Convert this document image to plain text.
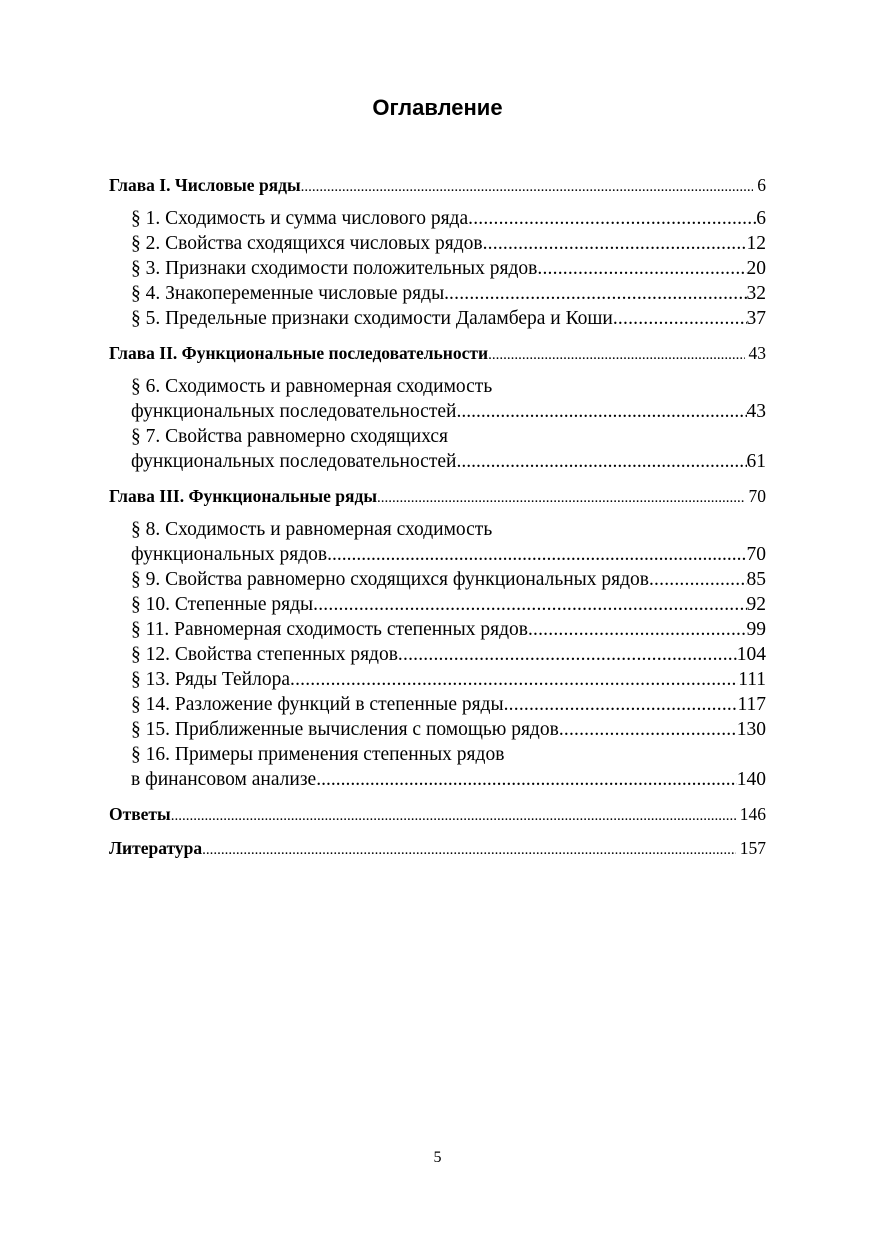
Оглавление
Глава I. Числовые ряды .....	6
§ 1. Сходимость и сумма числового ряда .....	6
§ 2. Свойства сходящихся числовых рядов .....	12
§ 3. Признаки сходимости положительных рядов .....	20
§ 4. Знакопеременные числовые ряды. .....	32
§ 5. Предельные признаки сходимости Даламбера и Коши .....	37
Глава II. Функциональные последовательности .....	43
§ 6. Сходимость и равномерная сходимость
функциональных последовательностей .....	43
§ 7. Свойства равномерно сходящихся
функциональных последовательностей .....	61
Глава III. Функциональные ряды .....	70
§ 8. Сходимость и равномерная сходимость
функциональных рядов .....	70
§ 9. Свойства равномерно сходящихся функциональных рядов .....	85
§ 10. Степенные ряды .....	92
§ 11. Равномерная сходимость степенных рядов .....	99
§ 12. Свойства степенных рядов .....	104
§ 13. Ряды Тейлора .....	111
§ 14. Разложение функций в степенные ряды .....	117
§ 15. Приближенные вычисления с помощью рядов .....	130
§ 16. Примеры применения степенных рядов
в финансовом анализе .....	140
Ответы .....	146
Литература .....	157
5
